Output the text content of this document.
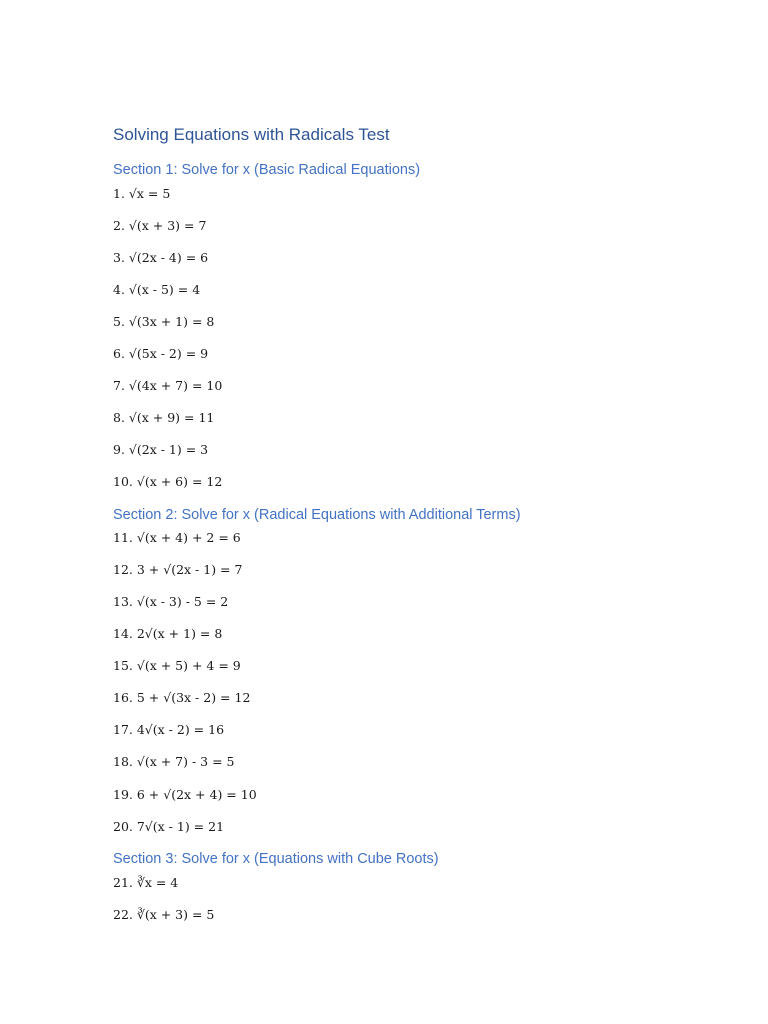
Solving Equations with Radicals Test
Section 1: Solve for x (Basic Radical Equations)

1. √x = 5

2. √(x + 3) = 7

3. √(2x - 4) = 6

4. √(x - 5) = 4

5. √(3x + 1) = 8

6. √(5x - 2) = 9

7. √(4x + 7) = 10

8. √(x + 9) = 11

9. √(2x - 1) = 3

10. √(x + 6) = 12

Section 2: Solve for x (Radical Equations with Additional Terms)

11. √(x + 4) + 2 = 6

12. 3 + √(2x - 1) = 7

13. √(x - 3) - 5 = 2

14. 2√(x + 1) = 8

15. √(x + 5) + 4 = 9

16. 5 + √(3x - 2) = 12

17. 4√(x - 2) = 16

18. √(x + 7) - 3 = 5

19. 6 + √(2x + 4) = 10

20. 7√(x - 1) = 21

Section 3: Solve for x (Equations with Cube Roots)

21. ∛x = 4

22. ∛(x + 3) = 5
